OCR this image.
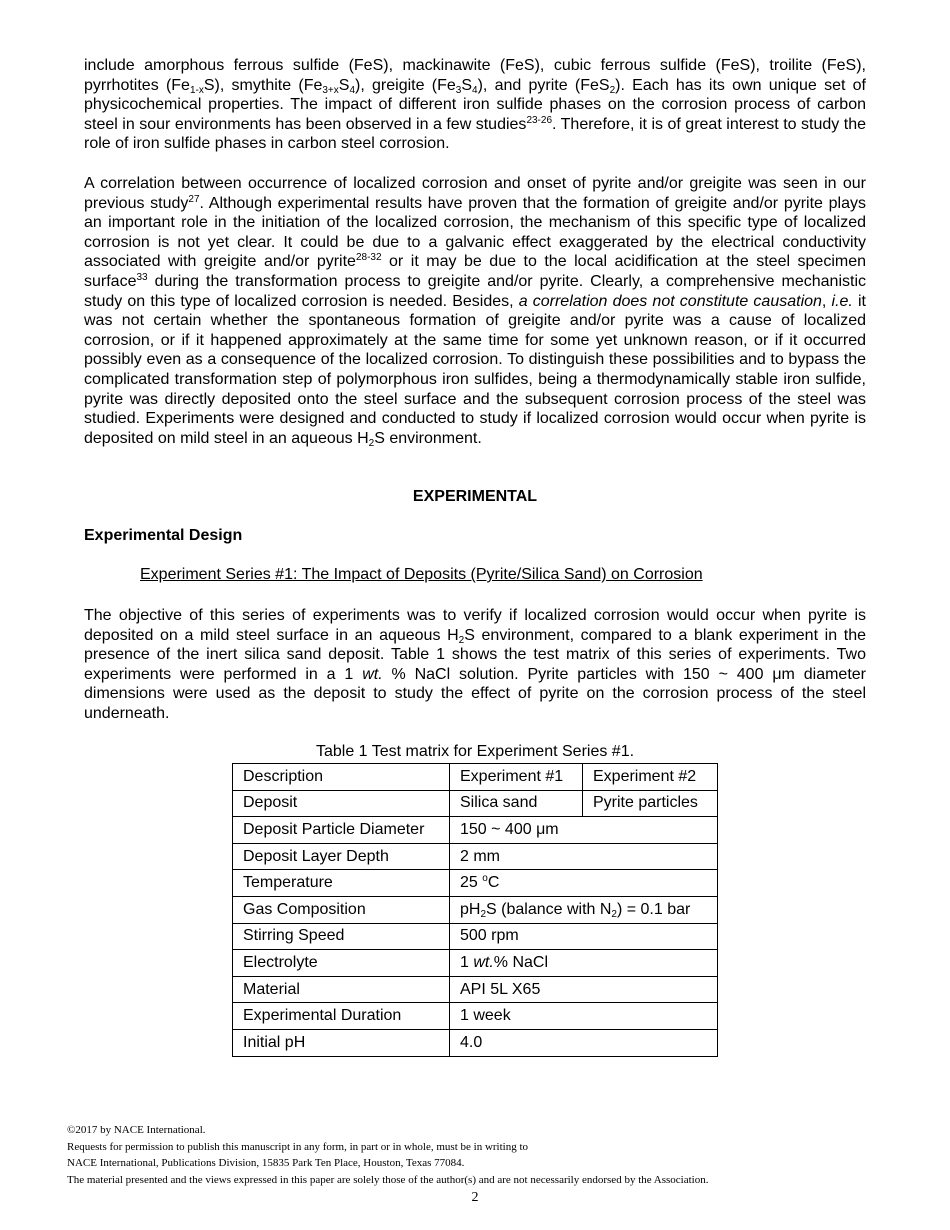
include amorphous ferrous sulfide (FeS), mackinawite (FeS), cubic ferrous sulfide (FeS), troilite (FeS), pyrrhotites $(Fe_{1-x}S)$, smythite $(Fe_{3+x}S_4)$, greigite $(Fe_3S_4)$, and pyrite (FeS$_2$). Each has its own unique set of physicochemical properties. The impact of different iron sulfide phases on the corrosion process of carbon steel in sour environments has been observed in a few studies$^{23-26}$. Therefore, it is of great interest to study the role of iron sulfide phases in carbon steel corrosion.

A correlation between occurrence of localized corrosion and onset of pyrite and/or greigite was seen in our previous study$^{27}$. Although experimental results have proven that the formation of greigite and/or pyrite plays an important role in the initiation of the localized corrosion, the mechanism of this specific type of localized corrosion is not yet clear. It could be due to a galvanic effect exaggerated by the electrical conductivity associated with greigite and/or pyrite$^{28-32}$ or it may be due to the local acidification at the steel specimen surface$^{33}$ during the transformation process to greigite and/or pyrite. Clearly, a comprehensive mechanistic study on this type of localized corrosion is needed. Besides, a correlation does not constitute causation, i.e. it was not certain whether the spontaneous formation of greigite and/or pyrite was a cause of localized corrosion, or if it happened approximately at the same time for some yet unknown reason, or if it occurred possibly even as a consequence of the localized corrosion. To distinguish these possibilities and to bypass the complicated transformation step of polymorphous iron sulfides, being a thermodynamically stable iron sulfide, pyrite was directly deposited onto the steel surface and the subsequent corrosion process of the steel was studied. Experiments were designed and conducted to study if localized corrosion would occur when pyrite is deposited on mild steel in an aqueous $H_2S$ environment.

EXPERIMENTAL

Experimental Design

Experiment Series #1: The Impact of Deposits (Pyrite/Silica Sand) on Corrosion

The objective of this series of experiments was to verify if localized corrosion would occur when pyrite is deposited on a mild steel surface in an aqueous $H_2S$ environment, compared to a blank experiment in the presence of the inert silica sand deposit. Table 1 shows the test matrix of this series of experiments. Two experiments were performed in a 1 wt. % NaCl solution. Pyrite particles with 150 ~ 400 μm diameter dimensions were used as the deposit to study the effect of pyrite on the corrosion process of the steel underneath.

Table 1 Test matrix for Experiment Series #1.

Description	Experiment #1	Experiment #2
Deposit	Silica sand	Pyrite particles
Deposit Particle Diameter	150 ~ 400 μm	
Deposit Layer Depth	2 mm	
Temperature	25 $^o$C	
Gas Composition	$pH_2S$ (balance with $N_2) = 0.1$ bar	
Stirring Speed	500 rpm	
Electrolyte	1 wt.% NaCl	
Material	API 5L X65	
Experimental Duration	1 week	
Initial pH	4.0	
©2017 by NACE International.
Requests for permission to publish this manuscript in any form, in part or in whole, must be in writing to
NACE International, Publications Division, 15835 Park Ten Place, Houston, Texas 77084.
The material presented and the views expressed in this paper are solely those of the author(s) and are not necessarily endorsed by the Association.
2
